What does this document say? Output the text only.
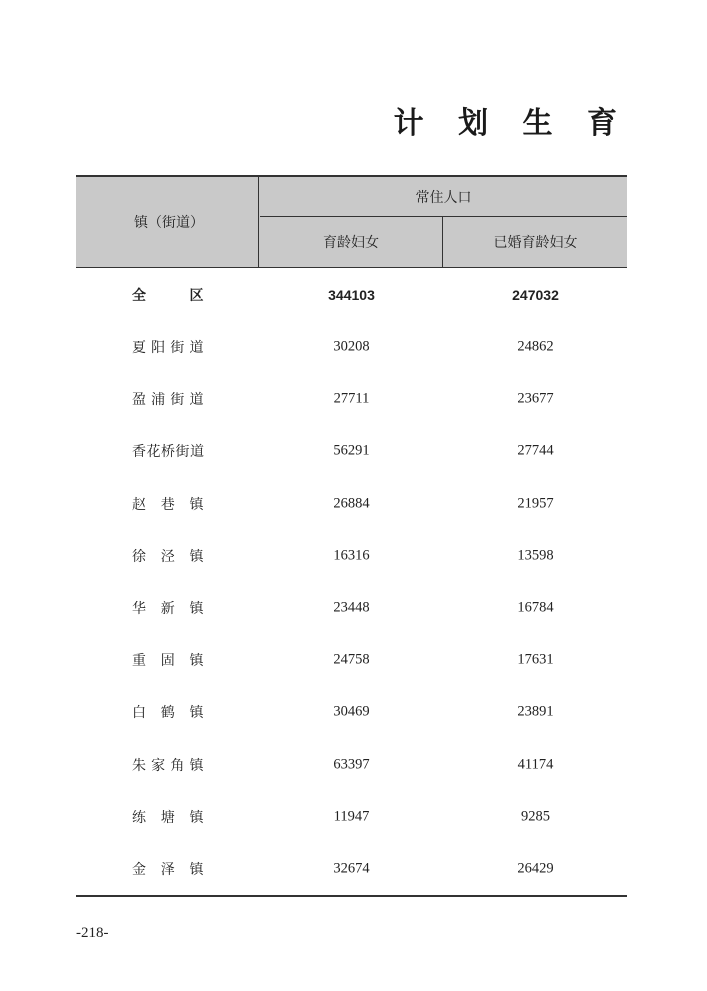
计 划 生 育
镇（街道）
常住人口
育龄妇女	已婚育龄妇女
全区	344103	247032
夏阳街道	30208	24862
盈浦街道	27711	23677
香花桥街道	56291	27744
赵巷镇	26884	21957
徐泾镇	16316	13598
华新镇	23448	16784
重固镇	24758	17631
白鹤镇	30469	23891
朱家角镇	63397	41174
练塘镇	11947	9285
金泽镇	32674	26429
-218-
